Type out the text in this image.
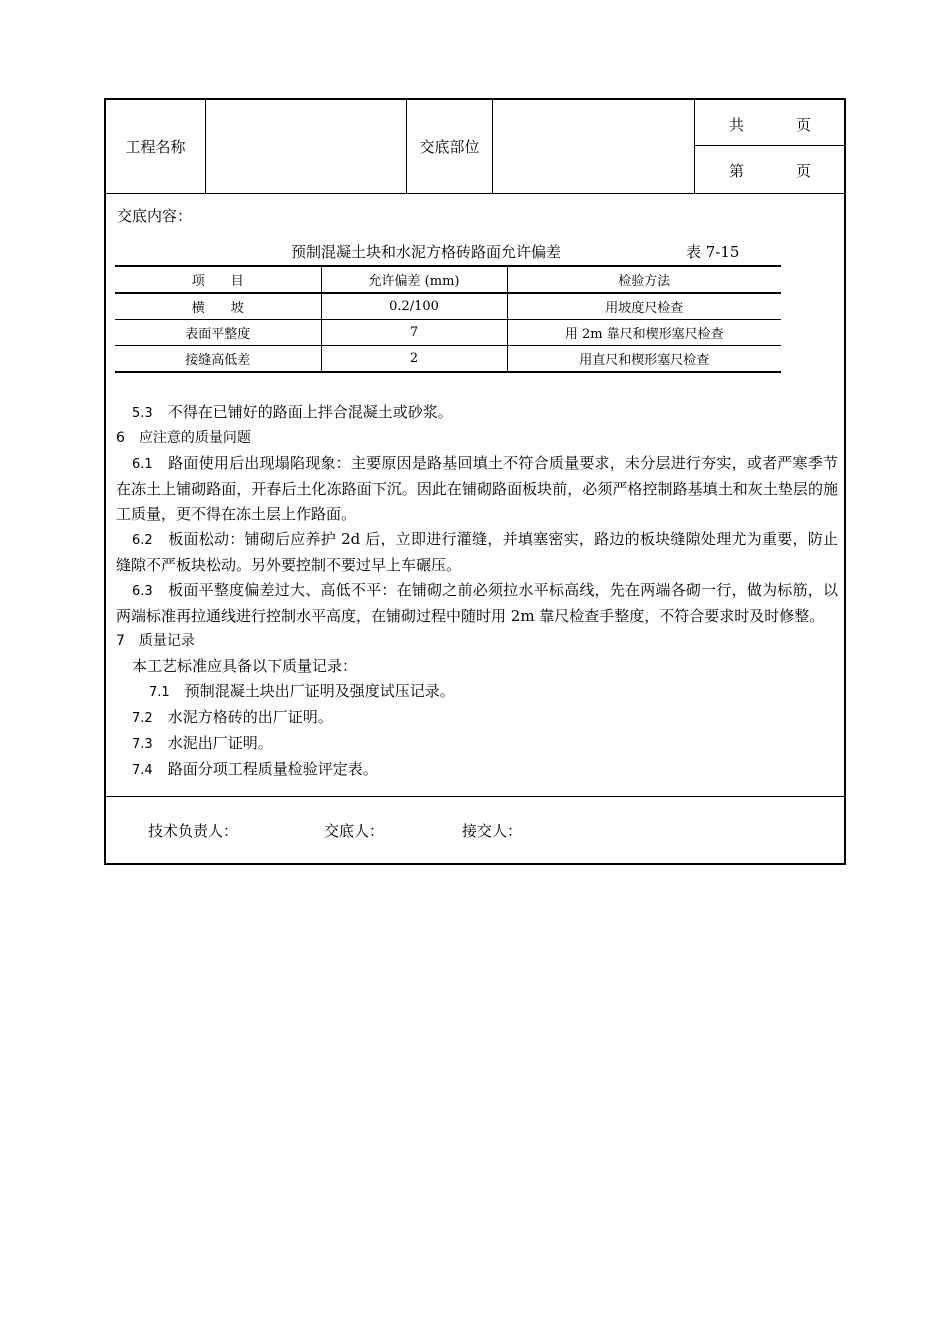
工程名称	交底部位
共	页
第	页
交底内容：
预制混凝土块和水泥方格砖路面允许偏差	表 7-15
项　　目	允许偏差 (mm)	检验方法
横　　坡	0.2/100	用坡度尺检查
表面平整度	7	用 2m 靠尺和楔形塞尺检查
接缝高低差	2	用直尺和楔形塞尺检查

5.3　 不得在已铺好的路面上拌合混凝土或砂浆。

6　 应注意的质量问题

6.1　 路面使用后出现塌陷现象：主要原因是路基回填土不符合质量要求，未分层进行夯实，或者严寒季节在冻土上铺砌路面，开春后土化冻路面下沉。因此在铺砌路面板块前，必须严格控制路基填土和灰土垫层的施工质量，更不得在冻土层上作路面。

6.2　 板面松动：铺砌后应养护 2d 后，立即进行灌缝，并填塞密实，路边的板块缝隙处理尤为重要，防止缝隙不严板块松动。另外要控制不要过早上车碾压。

6.3　 板面平整度偏差过大、高低不平：在铺砌之前必须拉水平标高线，先在两端各砌一行，做为标筋，以两端标准再拉通线进行控制水平高度，在铺砌过程中随时用 2m 靠尺检查手整度，不符合要求时及时修整。

7　 质量记录

本工艺标准应具备以下质量记录：

7.1　 预制混凝土块出厂证明及强度试压记录。

7.2　 水泥方格砖的出厂证明。

7.3　 水泥出厂证明。

7.4　 路面分项工程质量检验评定表。

技术负责人：	交底人：	接交人：
